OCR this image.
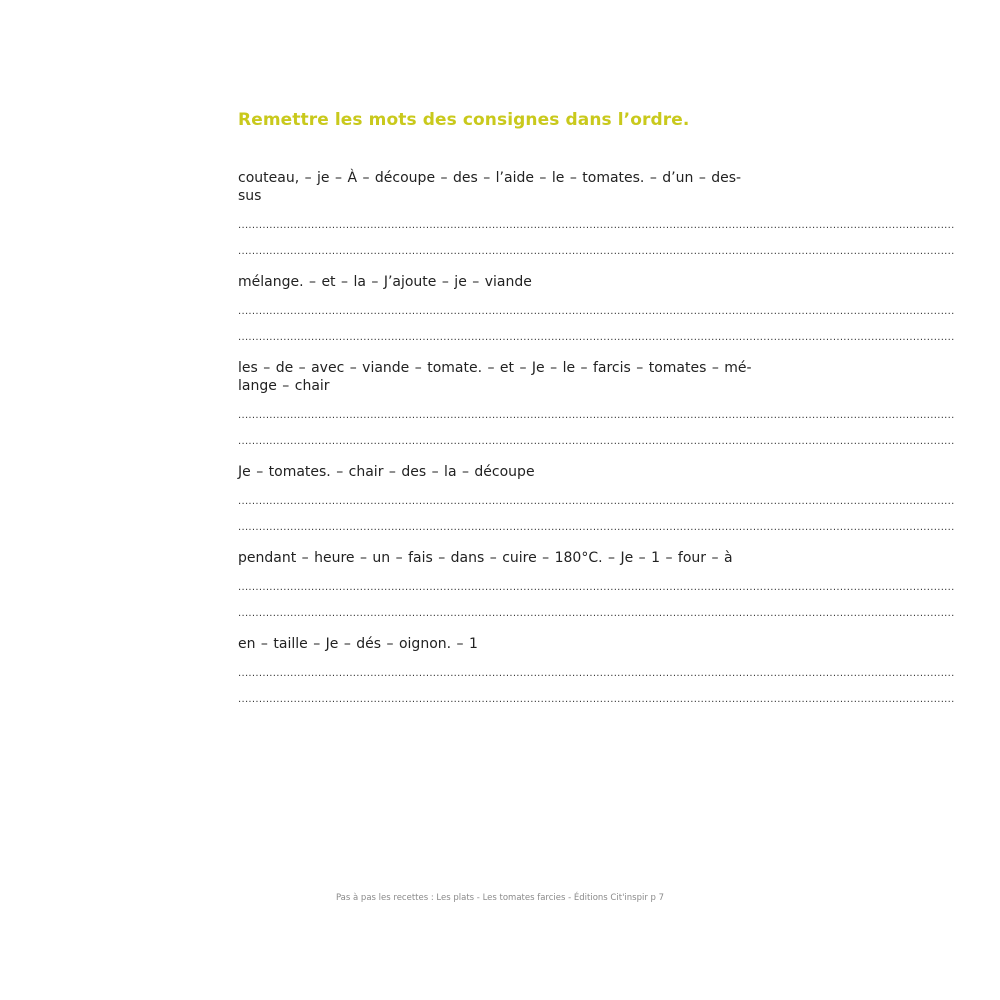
Remettre les mots des consignes dans l’ordre.
couteau, – je – À – découpe – des – l’aide – le – tomates. – d’un – des-
sus
..............................................................................................................................................................................................................
..............................................................................................................................................................................................................
mélange. – et – la – J’ajoute – je – viande
..............................................................................................................................................................................................................
..............................................................................................................................................................................................................
les – de – avec – viande – tomate. – et – Je – le – farcis – tomates – mé-
lange – chair
..............................................................................................................................................................................................................
..............................................................................................................................................................................................................
Je – tomates. – chair – des – la – découpe
..............................................................................................................................................................................................................
..............................................................................................................................................................................................................
pendant – heure – un – fais – dans – cuire – 180°C. – Je – 1 – four – à
..............................................................................................................................................................................................................
..............................................................................................................................................................................................................
en – taille – Je – dés – oignon. – 1
..............................................................................................................................................................................................................
..............................................................................................................................................................................................................
Pas à pas les recettes : Les plats - Les tomates farcies - Éditions Cit'inspir p 7
